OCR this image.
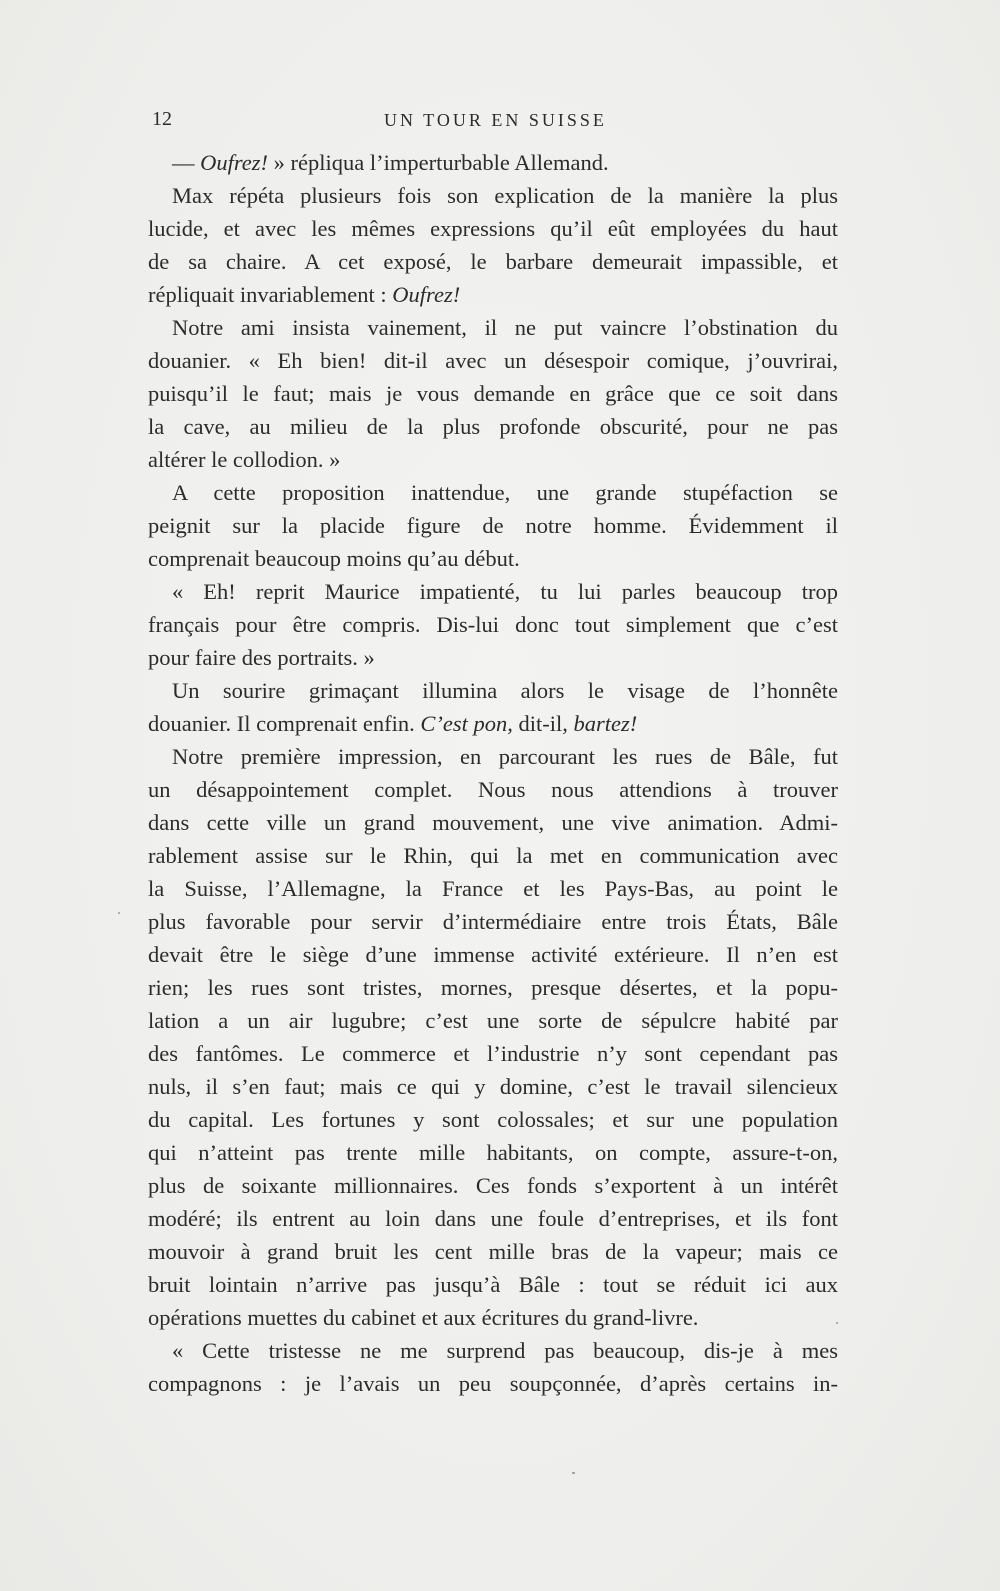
12	UN TOUR EN SUISSE
— Oufrez! » répliqua l’imperturbable Allemand.
Max répéta plusieurs fois son explication de la manière la plus
lucide, et avec les mêmes expressions qu’il eût employées du haut
de sa chaire. A cet exposé, le barbare demeurait impassible, et
répliquait invariablement : Oufrez!
Notre ami insista vainement, il ne put vaincre l’obstination du
douanier. « Eh bien! dit-il avec un désespoir comique, j’ouvrirai,
puisqu’il le faut; mais je vous demande en grâce que ce soit dans
la cave, au milieu de la plus profonde obscurité, pour ne pas
altérer le collodion. »
A cette proposition inattendue, une grande stupéfaction se
peignit sur la placide figure de notre homme. Évidemment il
comprenait beaucoup moins qu’au début.
« Eh! reprit Maurice impatienté, tu lui parles beaucoup trop
français pour être compris. Dis-lui donc tout simplement que c’est
pour faire des portraits. »
Un sourire grimaçant illumina alors le visage de l’honnête
douanier. Il comprenait enfin. C’est pon, dit-il, bartez!
Notre première impression, en parcourant les rues de Bâle, fut
un désappointement complet. Nous nous attendions à trouver
dans cette ville un grand mouvement, une vive animation. Admi-
rablement assise sur le Rhin, qui la met en communication avec
la Suisse, l’Allemagne, la France et les Pays-Bas, au point le
plus favorable pour servir d’intermédiaire entre trois États, Bâle
devait être le siège d’une immense activité extérieure. Il n’en est
rien; les rues sont tristes, mornes, presque désertes, et la popu-
lation a un air lugubre; c’est une sorte de sépulcre habité par
des fantômes. Le commerce et l’industrie n’y sont cependant pas
nuls, il s’en faut; mais ce qui y domine, c’est le travail silencieux
du capital. Les fortunes y sont colossales; et sur une population
qui n’atteint pas trente mille habitants, on compte, assure-t-on,
plus de soixante millionnaires. Ces fonds s’exportent à un intérêt
modéré; ils entrent au loin dans une foule d’entreprises, et ils font
mouvoir à grand bruit les cent mille bras de la vapeur; mais ce
bruit lointain n’arrive pas jusqu’à Bâle : tout se réduit ici aux
opérations muettes du cabinet et aux écritures du grand-livre.
« Cette tristesse ne me surprend pas beaucoup, dis-je à mes
compagnons : je l’avais un peu soupçonnée, d’après certains in-
